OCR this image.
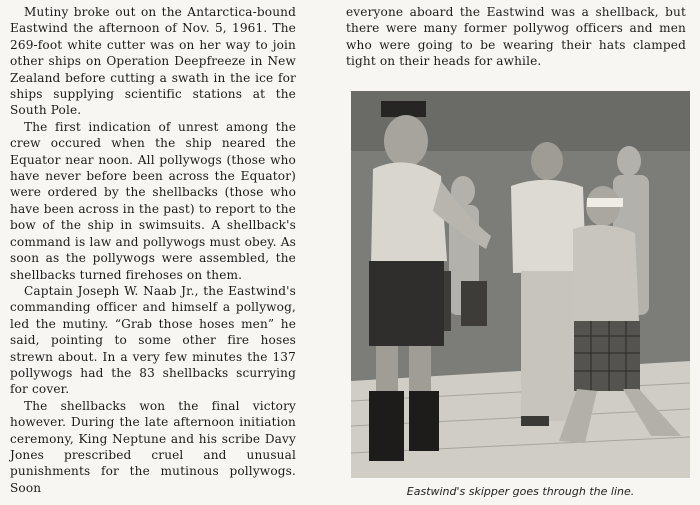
Mutiny broke out on the Antarctica-bound Eastwind the afternoon of Nov. 5, 1961. The 269-foot white cutter was on her way to join other ships on Operation Deepfreeze in New Zealand before cutting a swath in the ice for ships supplying scientific stations at the South Pole.

The first indication of unrest among the crew occured when the ship neared the Equator near noon. All pollywogs (those who have never before been across the Equator) were ordered by the shellbacks (those who have been across in the past) to report to the bow of the ship in swimsuits. A shellback's command is law and pollywogs must obey. As soon as the pollywogs were assembled, the shellbacks turned firehoses on them.

Captain Joseph W. Naab Jr., the Eastwind's commanding officer and himself a pollywog, led the mutiny. “Grab those hoses men” he said, pointing to some other fire hoses strewn about. In a very few minutes the 137 pollywogs had the 83 shellbacks scurrying for cover.

The shellbacks won the final victory however. During the late afternoon initiation ceremony, King Neptune and his scribe Davy Jones prescribed cruel and unusual punishments for the mutinous pollywogs. Soon

everyone aboard the Eastwind was a shellback, but there were many former pollywog officers and men who were going to be wearing their hats clamped tight on their heads for awhile.

Eastwind's skipper goes through the line.
